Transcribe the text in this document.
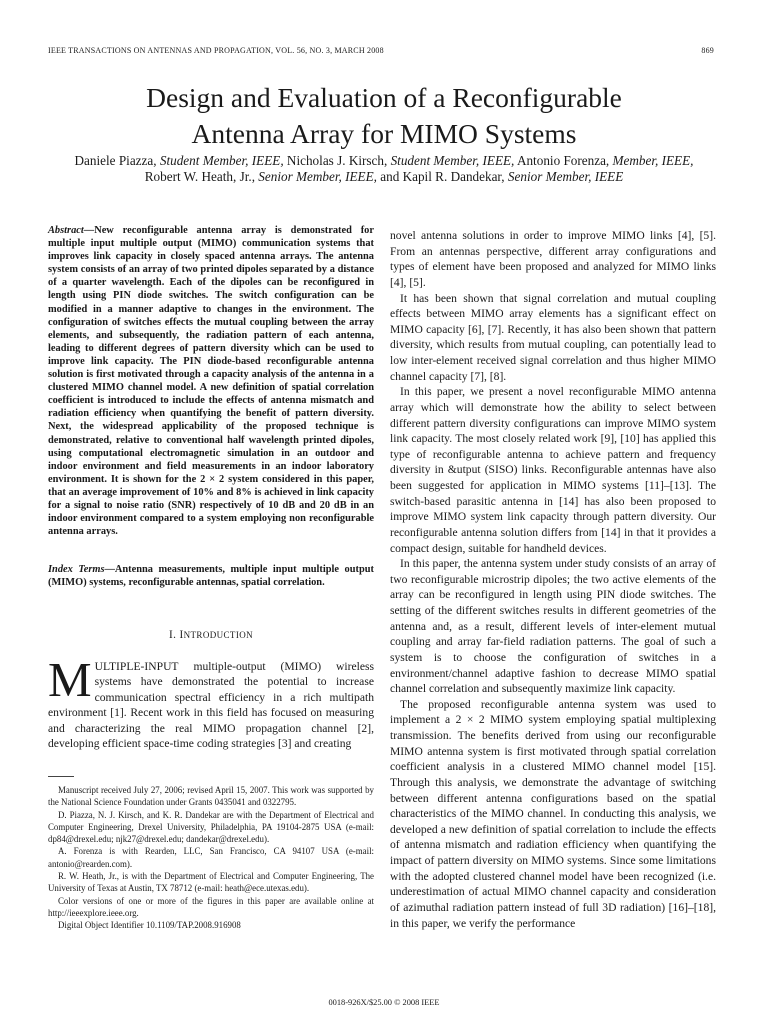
IEEE TRANSACTIONS ON ANTENNAS AND PROPAGATION, VOL. 56, NO. 3, MARCH 2008	869
Design and Evaluation of a Reconfigurable
Antenna Array for MIMO Systems
Daniele Piazza, Student Member, IEEE, Nicholas J. Kirsch, Student Member, IEEE, Antonio Forenza, Member, IEEE,
Robert W. Heath, Jr., Senior Member, IEEE, and Kapil R. Dandekar, Senior Member, IEEE
Abstract—New reconfigurable antenna array is demonstrated for multiple input multiple output (MIMO) communication systems that improves link capacity in closely spaced antenna arrays. The antenna system consists of an array of two printed dipoles separated by a distance of a quarter wavelength. Each of the dipoles can be reconfigured in length using PIN diode switches. The switch configuration can be modified in a manner adaptive to changes in the environment. The configuration of switches effects the mutual coupling between the array elements, and subsequently, the radiation pattern of each antenna, leading to different degrees of pattern diversity which can be used to improve link capacity. The PIN diode-based reconfigurable antenna solution is first motivated through a capacity analysis of the antenna in a clustered MIMO channel model. A new definition of spatial correlation coefficient is introduced to include the effects of antenna mismatch and radiation efficiency when quantifying the benefit of pattern diversity. Next, the widespread applicability of the proposed technique is demonstrated, relative to conventional half wavelength printed dipoles, using computational electromagnetic simulation in an outdoor and indoor environment and field measurements in an indoor laboratory environment. It is shown for the 2 × 2 system considered in this paper, that an average improvement of 10% and 8% is achieved in link capacity for a signal to noise ratio (SNR) respectively of 10 dB and 20 dB in an indoor environment compared to a system employing non reconfigurable antenna arrays.
Index Terms—Antenna measurements, multiple input multiple output (MIMO) systems, reconfigurable antennas, spatial correlation.
I. INTRODUCTION
MULTIPLE-INPUT multiple-output (MIMO) wireless systems have demonstrated the potential to increase communication spectral efficiency in a rich multipath environment [1]. Recent work in this field has focused on measuring and characterizing the real MIMO propagation channel [2], developing efficient space-time coding strategies [3] and creating

Manuscript received July 27, 2006; revised April 15, 2007. This work was supported by the National Science Foundation under Grants 0435041 and 0322795.

D. Piazza, N. J. Kirsch, and K. R. Dandekar are with the Department of Electrical and Computer Engineering, Drexel University, Philadelphia, PA 19104-2875 USA (e-mail: dp84@drexel.edu; njk27@drexel.edu; dandekar@drexel.edu).

A. Forenza is with Rearden, LLC, San Francisco, CA 94107 USA (e-mail: antonio@rearden.com).

R. W. Heath, Jr., is with the Department of Electrical and Computer Engineering, The University of Texas at Austin, TX 78712 (e-mail: heath@ece.utexas.edu).

Color versions of one or more of the figures in this paper are available online at http://ieeexplore.ieee.org.

Digital Object Identifier 10.1109/TAP.2008.916908

novel antenna solutions in order to improve MIMO links [4], [5]. From an antennas perspective, different array configurations and types of element have been proposed and analyzed for MIMO links [4], [5].

It has been shown that signal correlation and mutual coupling effects between MIMO array elements has a significant effect on MIMO capacity [6], [7]. Recently, it has also been shown that pattern diversity, which results from mutual coupling, can potentially lead to low inter-element received signal correlation and thus higher MIMO channel capacity [7], [8].

In this paper, we present a novel reconfigurable MIMO antenna array which will demonstrate how the ability to select between different pattern diversity configurations can improve MIMO system link capacity. The most closely related work [9], [10] has applied this type of reconfigurable antenna to achieve pattern and frequency diversity in &utput (SISO) links. Reconfigurable antennas have also been suggested for application in MIMO systems [11]–[13]. The switch-based parasitic antenna in [14] has also been proposed to improve MIMO system link capacity through pattern diversity. Our reconfigurable antenna solution differs from [14] in that it provides a compact design, suitable for handheld devices.

In this paper, the antenna system under study consists of an array of two reconfigurable microstrip dipoles; the two active elements of the array can be reconfigured in length using PIN diode switches. The setting of the different switches results in different geometries of the antenna and, as a result, different levels of inter-element mutual coupling and array far-field radiation patterns. The goal of such a system is to choose the configuration of switches in a environment/channel adaptive fashion to decrease MIMO spatial channel correlation and subsequently maximize link capacity.

The proposed reconfigurable antenna system was used to implement a 2 × 2 MIMO system employing spatial multiplexing transmission. The benefits derived from using our reconfigurable MIMO antenna system is first motivated through spatial correlation coefficient analysis in a clustered MIMO channel model [15]. Through this analysis, we demonstrate the advantage of switching between different antenna configurations based on the spatial characteristics of the MIMO channel. In conducting this analysis, we developed a new definition of spatial correlation to include the effects of antenna mismatch and radiation efficiency when quantifying the impact of pattern diversity on MIMO systems. Since some limitations with the adopted clustered channel model have been recognized (i.e. underestimation of actual MIMO channel capacity and consideration of azimuthal radiation pattern instead of full 3D radiation) [16]–[18], in this paper, we verify the performance

0018-926X/$25.00 © 2008 IEEE
